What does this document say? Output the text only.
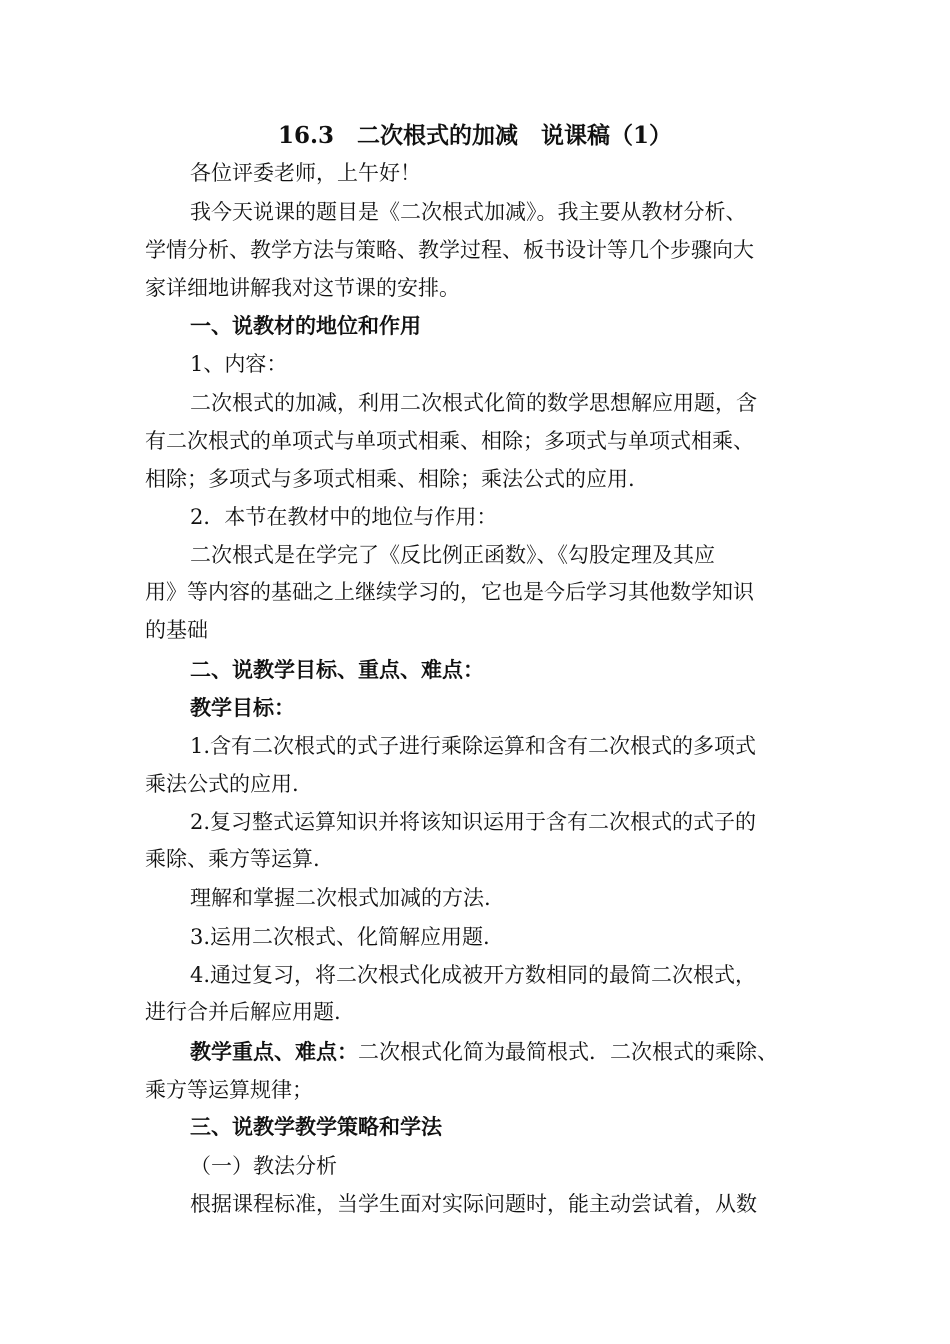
16.3　二次根式的加减　说课稿（1）
各位评委老师，上午好！
我今天说课的题目是《二次根式加减》。我主要从教材分析、
学情分析、教学方法与策略、教学过程、板书设计等几个步骤向大
家详细地讲解我对这节课的安排。
一、说教材的地位和作用
1、内容：
二次根式的加减，利用二次根式化简的数学思想解应用题，含
有二次根式的单项式与单项式相乘、相除；多项式与单项式相乘、
相除；多项式与多项式相乘、相除；乘法公式的应用.
2．本节在教材中的地位与作用：
二次根式是在学完了《反比例正函数》、《勾股定理及其应
用》等内容的基础之上继续学习的，它也是今后学习其他数学知识
的基础
二、说教学目标、重点、难点：
教学目标：
1.含有二次根式的式子进行乘除运算和含有二次根式的多项式
乘法公式的应用.
2.复习整式运算知识并将该知识运用于含有二次根式的式子的
乘除、乘方等运算.
理解和掌握二次根式加减的方法.
3.运用二次根式、化简解应用题.
4.通过复习，将二次根式化成被开方数相同的最简二次根式，
进行合并后解应用题.
教学重点、难点：二次根式化简为最简根式．二次根式的乘除、
乘方等运算规律；
三、说教学教学策略和学法
（一）教法分析
根据课程标准，当学生面对实际问题时，能主动尝试着，从数
